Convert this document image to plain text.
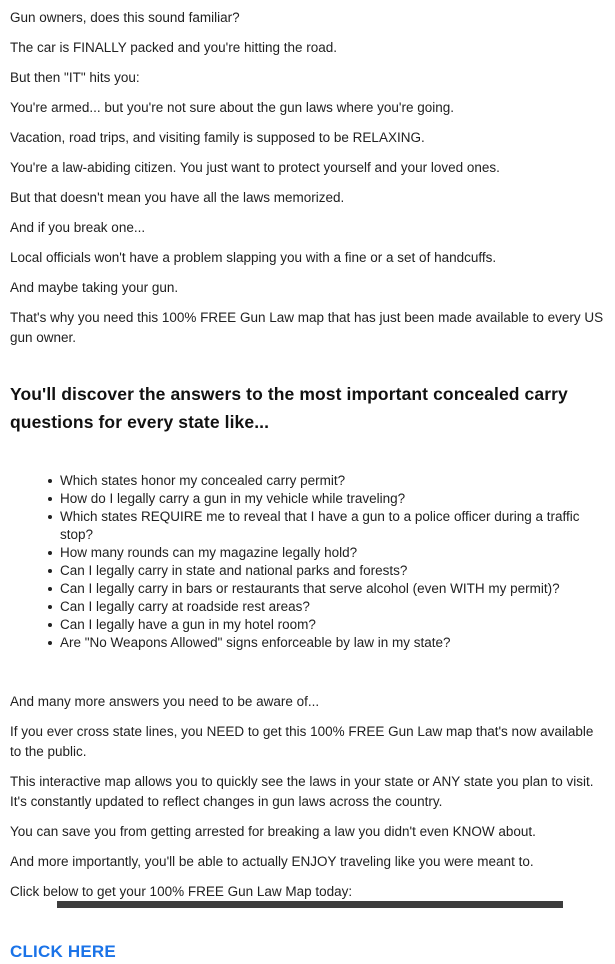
Gun owners, does this sound familiar?

The car is FINALLY packed and you're hitting the road.

But then "IT" hits you:

You're armed... but you're not sure about the gun laws where you're going.

Vacation, road trips, and visiting family is supposed to be RELAXING.

You're a law-abiding citizen. You just want to protect yourself and your loved ones.

But that doesn't mean you have all the laws memorized.

And if you break one...

Local officials won't have a problem slapping you with a fine or a set of handcuffs.

And maybe taking your gun.

That's why you need this 100% FREE Gun Law map that has just been made available to every US gun owner.

You'll discover the answers to the most important concealed carry questions for every state like...
Which states honor my concealed carry permit?
How do I legally carry a gun in my vehicle while traveling?
Which states REQUIRE me to reveal that I have a gun to a police officer during a traffic stop?
How many rounds can my magazine legally hold?
Can I legally carry in state and national parks and forests?
Can I legally carry in bars or restaurants that serve alcohol (even WITH my permit)?
Can I legally carry at roadside rest areas?
Can I legally have a gun in my hotel room?
Are "No Weapons Allowed" signs enforceable by law in my state?

And many more answers you need to be aware of...

If you ever cross state lines, you NEED to get this 100% FREE Gun Law map that's now available to the public.

This interactive map allows you to quickly see the laws in your state or ANY state you plan to visit. It's constantly updated to reflect changes in gun laws across the country.

You can save you from getting arrested for breaking a law you didn't even KNOW about.

And more importantly, you'll be able to actually ENJOY traveling like you were meant to.

Click below to get your 100% FREE Gun Law Map today:

CLICK HERE
